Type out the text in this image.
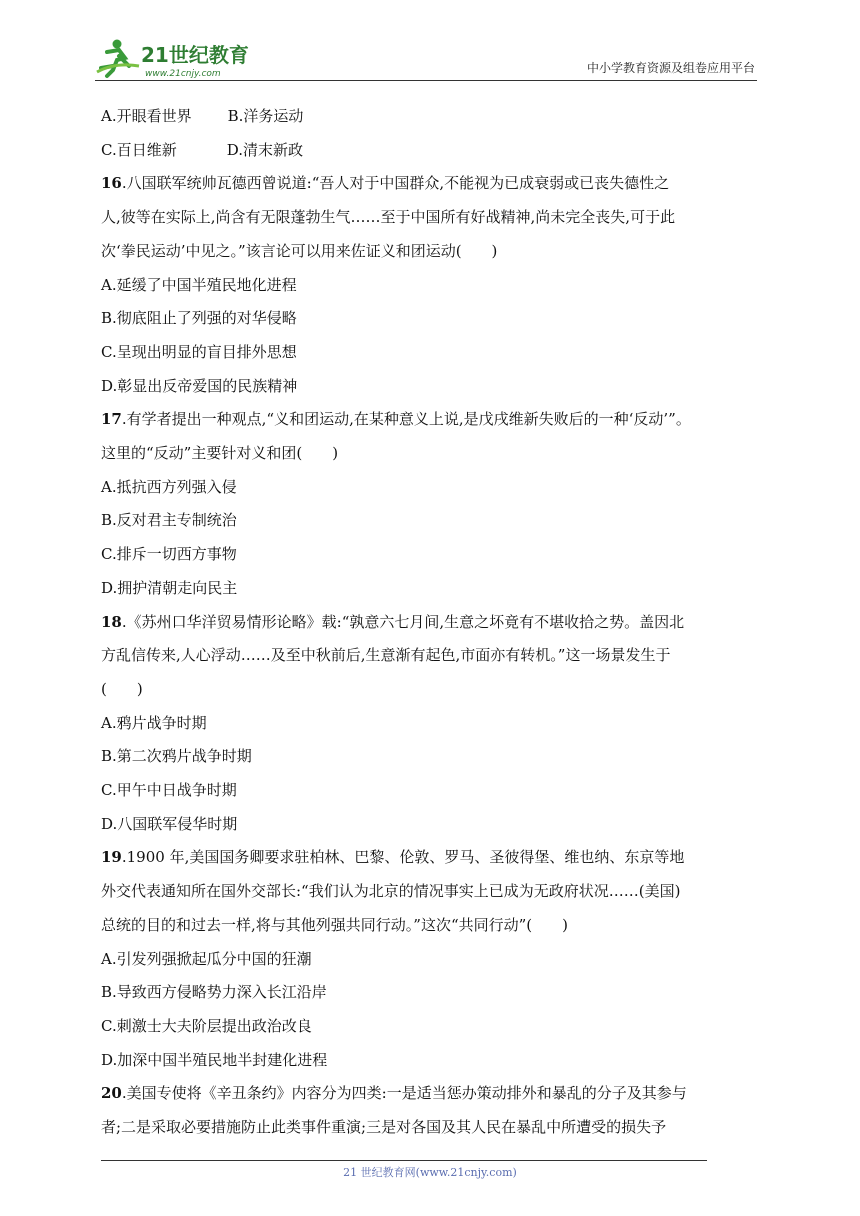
21世纪教育
www.21cnjy.com	中小学教育资源及组卷应用平台
A.开眼看世界 B.洋务运动
C.百日维新	D.清末新政
16.八国联军统帅瓦德西曾说道:“吾人对于中国群众,不能视为已成衰弱或已丧失德性之
人,彼等在实际上,尚含有无限蓬勃生气……至于中国所有好战精神,尚未完全丧失,可于此
次‘拳民运动’中见之。”该言论可以用来佐证义和团运动(　　)
A.延缓了中国半殖民地化进程
B.彻底阻止了列强的对华侵略
C.呈现出明显的盲目排外思想
D.彰显出反帝爱国的民族精神
17.有学者提出一种观点,“义和团运动,在某种意义上说,是戊戌维新失败后的一种‘反动’”。
这里的“反动”主要针对义和团(　　)
A.抵抗西方列强入侵
B.反对君主专制统治
C.排斥一切西方事物
D.拥护清朝走向民主
18.《苏州口华洋贸易情形论略》载:“孰意六七月间,生意之坏竟有不堪收拾之势。盖因北
方乱信传来,人心浮动……及至中秋前后,生意渐有起色,市面亦有转机。”这一场景发生于
(　　)
A.鸦片战争时期
B.第二次鸦片战争时期
C.甲午中日战争时期
D.八国联军侵华时期
19.1900 年,美国国务卿要求驻柏林、巴黎、伦敦、罗马、圣彼得堡、维也纳、东京等地
外交代表通知所在国外交部长:“我们认为北京的情况事实上已成为无政府状况……(美国)
总统的目的和过去一样,将与其他列强共同行动。”这次“共同行动”(　　)
A.引发列强掀起瓜分中国的狂潮
B.导致西方侵略势力深入长江沿岸
C.刺激士大夫阶层提出政治改良
D.加深中国半殖民地半封建化进程
20.美国专使将《辛丑条约》内容分为四类:一是适当惩办策动排外和暴乱的分子及其参与
者;二是采取必要措施防止此类事件重演;三是对各国及其人民在暴乱中所遭受的损失予
21 世纪教育网(www.21cnjy.com)
